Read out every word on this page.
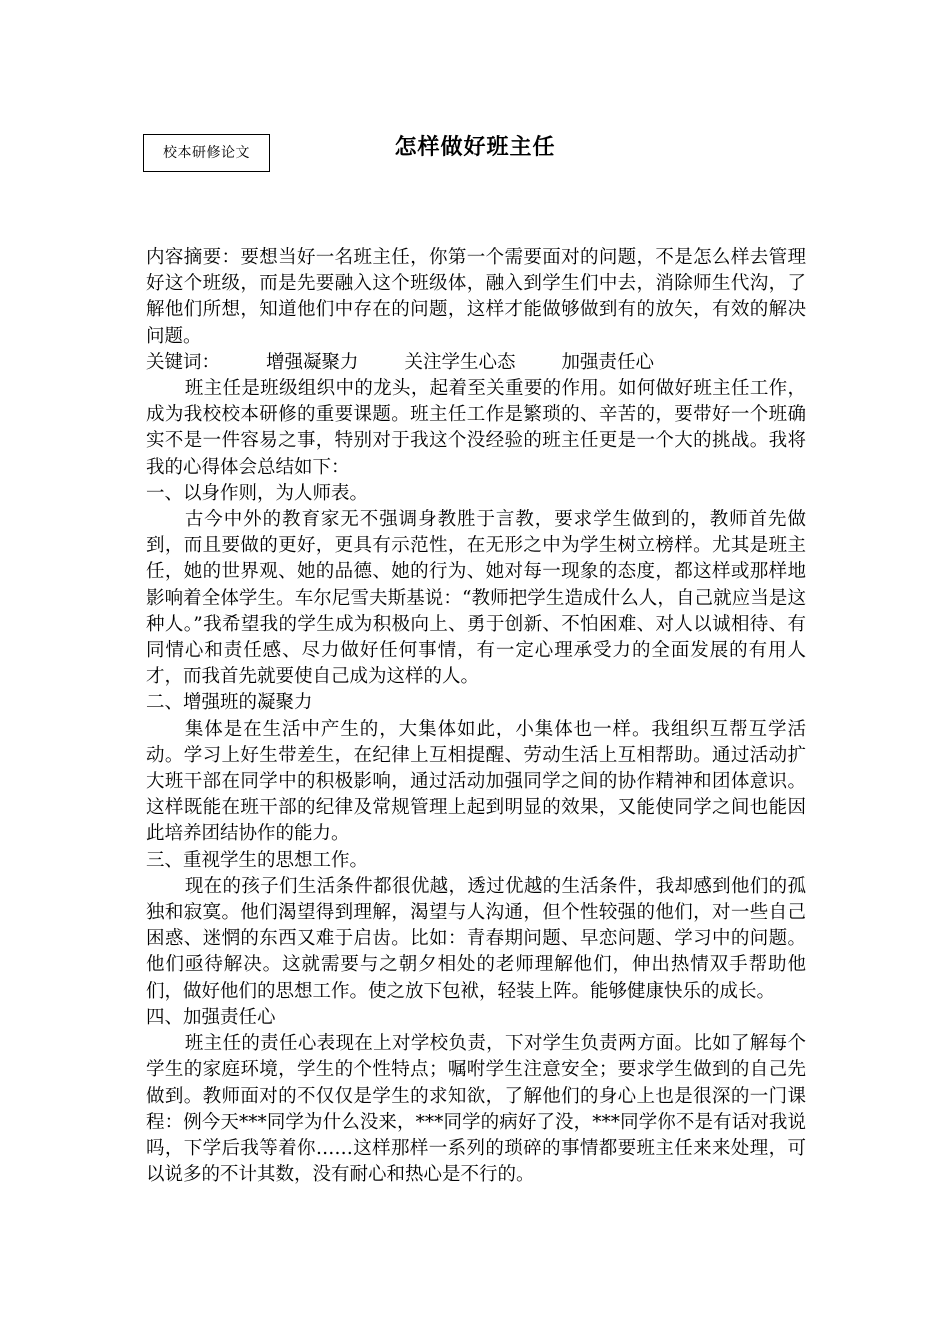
校本研修论文	怎样做好班主任

内容摘要：要想当好一名班主任，你第一个需要面对的问题，不是怎么样去管理好这个班级，而是先要融入这个班级体，融入到学生们中去，消除师生代沟，了解他们所想，知道他们中存在的问题，这样才能做够做到有的放矢，有效的解决问题。

关键词： 增强凝聚力 关注学生心态 加强责任心

班主任是班级组织中的龙头，起着至关重要的作用。如何做好班主任工作，成为我校校本研修的重要课题。班主任工作是繁琐的、辛苦的，要带好一个班确实不是一件容易之事，特别对于我这个没经验的班主任更是一个大的挑战。我将我的心得体会总结如下：

一、以身作则，为人师表。

古今中外的教育家无不强调身教胜于言教，要求学生做到的，教师首先做到，而且要做的更好，更具有示范性，在无形之中为学生树立榜样。尤其是班主任，她的世界观、她的品德、她的行为、她对每一现象的态度，都这样或那样地影响着全体学生。车尔尼雪夫斯基说：“教师把学生造成什么人，自己就应当是这种人。”我希望我的学生成为积极向上、勇于创新、不怕困难、对人以诚相待、有同情心和责任感、尽力做好任何事情，有一定心理承受力的全面发展的有用人才，而我首先就要使自己成为这样的人。

二、增强班的凝聚力

集体是在生活中产生的，大集体如此，小集体也一样。我组织互帮互学活动。学习上好生带差生，在纪律上互相提醒、劳动生活上互相帮助。通过活动扩大班干部在同学中的积极影响，通过活动加强同学之间的协作精神和团体意识。这样既能在班干部的纪律及常规管理上起到明显的效果，又能使同学之间也能因此培养团结协作的能力。

三、重视学生的思想工作。

现在的孩子们生活条件都很优越，透过优越的生活条件，我却感到他们的孤独和寂寞。他们渴望得到理解，渴望与人沟通，但个性较强的他们，对一些自己困惑、迷惘的东西又难于启齿。比如：青春期问题、早恋问题、学习中的问题。他们亟待解决。这就需要与之朝夕相处的老师理解他们，伸出热情双手帮助他们，做好他们的思想工作。使之放下包袱，轻装上阵。能够健康快乐的成长。

四、加强责任心

班主任的责任心表现在上对学校负责，下对学生负责两方面。比如了解每个学生的家庭环境，学生的个性特点；嘱咐学生注意安全；要求学生做到的自己先做到。教师面对的不仅仅是学生的求知欲，了解他们的身心上也是很深的一门课程：例今天***同学为什么没来，***同学的病好了没，***同学你不是有话对我说吗，下学后我等着你……这样那样一系列的琐碎的事情都要班主任来来处理，可以说多的不计其数，没有耐心和热心是不行的。
